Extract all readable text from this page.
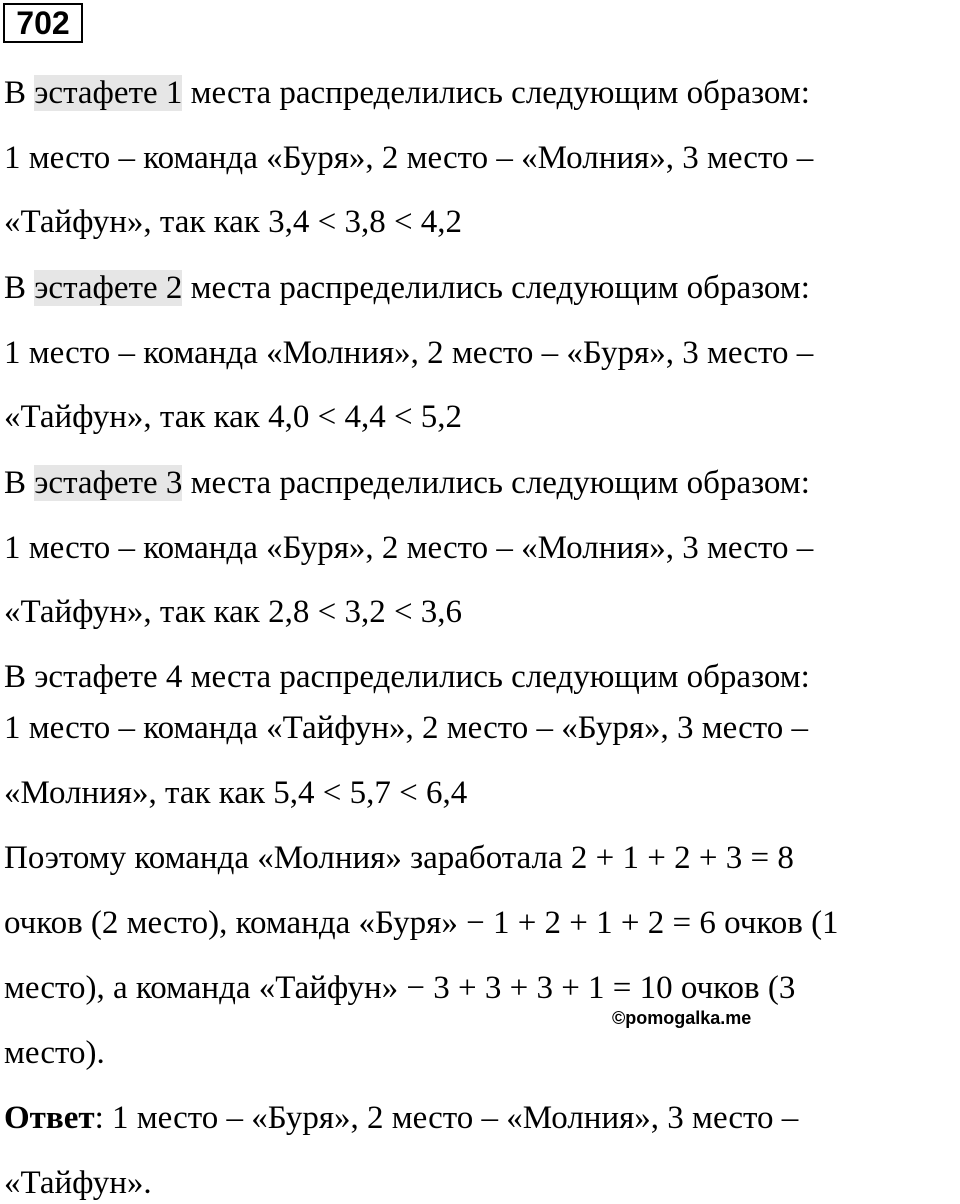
702
В эстафете 1 места распределились следующим образом:
1 место – команда «Буря», 2 место – «Молния», 3 место –
«Тайфун», так как 3,4 < 3,8 < 4,2
В эстафете 2 места распределились следующим образом:
1 место – команда «Молния», 2 место – «Буря», 3 место –
«Тайфун», так как 4,0 < 4,4 < 5,2
В эстафете 3 места распределились следующим образом:
1 место – команда «Буря», 2 место – «Молния», 3 место –
«Тайфун», так как 2,8 < 3,2 < 3,6
В эстафете 4 места распределились следующим образом:
1 место – команда «Тайфун», 2 место – «Буря», 3 место –
«Молния», так как 5,4 < 5,7 < 6,4
Поэтому команда «Молния» заработала 2 + 1 + 2 + 3 = 8
очков (2 место), команда «Буря» − 1 + 2 + 1 + 2 = 6 очков (1
место), а команда «Тайфун» − 3 + 3 + 3 + 1 = 10 очков (3
место).
Ответ: 1 место – «Буря», 2 место – «Молния», 3 место –
«Тайфун».
©pomogalka.me
